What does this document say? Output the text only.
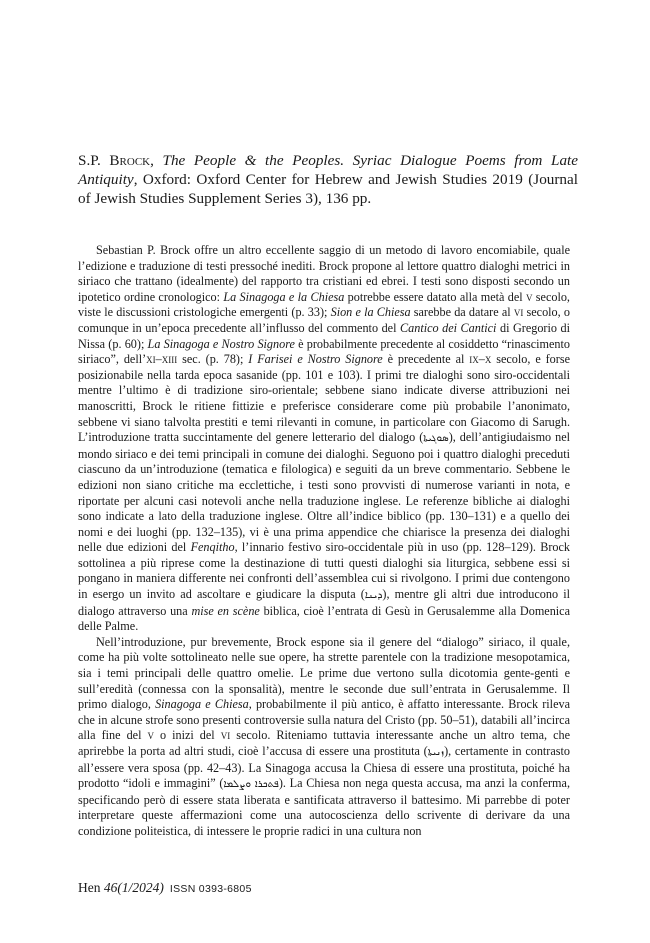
S.P. Brock, The People & the Peoples. Syriac Dialogue Poems from Late Antiquity, Oxford: Oxford Center for Hebrew and Jewish Studies 2019 (Journal of Jewish Studies Supplement Series 3), 136 pp.

Sebastian P. Brock offre un altro eccellente saggio di un metodo di lavoro encomiabile, quale l’edizione e traduzione di testi pressoché inediti. Brock propone al lettore quattro dialoghi metrici in siriaco che trattano (idealmente) del rapporto tra cristiani ed ebrei. I testi sono disposti secondo un ipotetico ordine cronologico: La Sinagoga e la Chiesa potrebbe essere datato alla metà del v secolo, viste le discussioni cristologiche emergenti (p. 33); Sion e la Chiesa sarebbe da datare al vi secolo, o comunque in un’epoca precedente all’influsso del commento del Cantico dei Cantici di Gregorio di Nissa (p. 60); La Sinagoga e Nostro Signore è probabilmente precedente al cosiddetto “rinascimento siriaco”, dell’xi–xiii sec. (p. 78); I Farisei e Nostro Signore è precedente al ix–x secolo, e forse posizionabile nella tarda epoca sasanide (pp. 101 e 103). I primi tre dialoghi sono siro-occidentali mentre l’ultimo è di tradizione siro-orientale; sebbene siano indicate diverse attribuzioni nei manoscritti, Brock le ritiene fittizie e preferisce considerare come più probabile l’anonimato, sebbene vi siano talvolta prestiti e temi rilevanti in comune, in particolare con Giacomo di Sarugh. L’introduzione tratta succintamente del genere letterario del dialogo (ܣܘܓܝܬܐ), dell’antigiudaismo nel mondo siriaco e dei temi principali in comune dei dialoghi. Seguono poi i quattro dialoghi preceduti ciascuno da un’introduzione (tematica e filologica) e seguiti da un breve commentario. Sebbene le edizioni non siano critiche ma ecclettiche, i testi sono provvisti di numerose varianti in nota, e riportate per alcuni casi notevoli anche nella traduzione inglese. Le referenze bibliche ai dialoghi sono indicate a lato della traduzione inglese. Oltre all’indice biblico (pp. 130–131) e a quello dei nomi e dei luoghi (pp. 132–135), vi è una prima appendice che chiarisce la presenza dei dialoghi nelle due edizioni del Fenqitho, l’innario festivo siro-occidentale più in uso (pp. 128–129). Brock sottolinea a più riprese come la destinazione di tutti questi dialoghi sia liturgica, sebbene essi si pongano in maniera differente nei confronti dell’assemblea cui si rivolgono. I primi due contengono in esergo un invito ad ascoltare e giudicare la disputa (ܕܝܢܐ), mentre gli altri due introducono il dialogo attraverso una mise en scène biblica, cioè l’entrata di Gesù in Gerusalemme alla Domenica delle Palme.

Nell’introduzione, pur brevemente, Brock espone sia il genere del “dialogo” siriaco, il quale, come ha più volte sottolineato nelle sue opere, ha strette parentele con la tradizione mesopotamica, sia i temi principali delle quattro omelie. Le prime due vertono sulla dicotomia gente-genti e sull’eredità (connessa con la sponsalità), mentre le seconde due sull’entrata in Gerusalemme. Il primo dialogo, Sinagoga e Chiesa, probabilmente il più antico, è affatto interessante. Brock rileva che in alcune strofe sono presenti controversie sulla natura del Cristo (pp. 50–51), databili all’incirca alla fine del v o inizi del vi secolo. Riteniamo tuttavia interessante anche un altro tema, che aprirebbe la porta ad altri studi, cioè l’accusa di essere una prostituta (ܙܢܝܬܐ), certamente in contrasto all’essere vera sposa (pp. 42–43). La Sinagoga accusa la Chiesa di essere una prostituta, poiché ha prodotto “idoli e immagini” (ܦܬܟܪܐ ܘܨܠܡܐ). La Chiesa non nega questa accusa, ma anzi la conferma, specificando però di essere stata liberata e santificata attraverso il battesimo. Mi parrebbe di poter interpretare queste affermazioni come una autocoscienza dello scrivente di derivare da una condizione politeistica, di intessere le proprie radici in una cultura non

Hen 46(1/2024) ISSN 0393-6805
